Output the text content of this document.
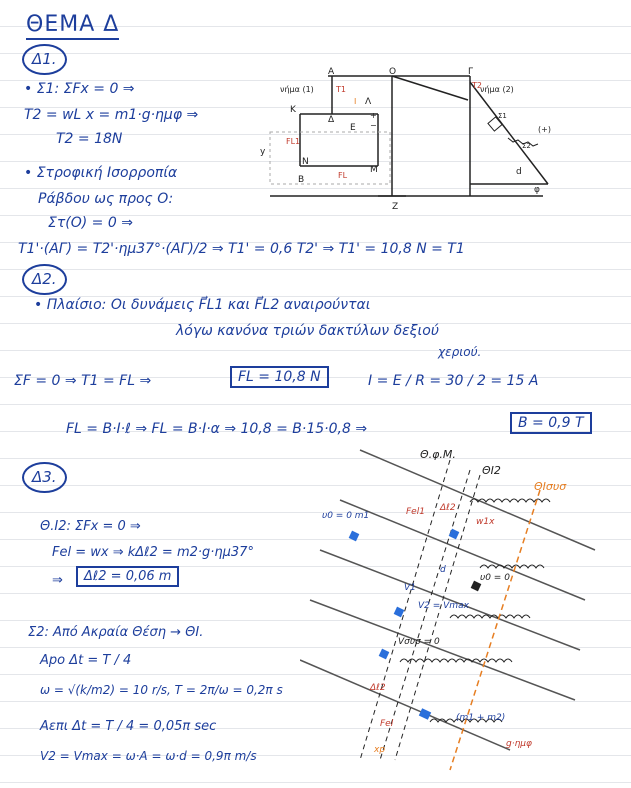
ΘΕΜΑ Δ
Δ1.
• Σ1: ΣFx = 0 ⇒
T2 = wL x = m1·g·ημφ ⇒
T2 = 18N
• Στροφική Ισορροπία
Ράβδου ως προς O:
Στ(O) = 0 ⇒
T1'·(ΑΓ) = T2'·ημ37°·(ΑΓ)/2 ⇒ T1' = 0,6 T2' ⇒ T1' = 10,8 N = T1
A	O	Γ
K
Λ
Δ
E
N
M
Z
y
B
φ
d
νήμα (1)	νήμα (2)
(+)
Σ1
Σ2
T1	T2
I
FL1
FL
+
−
Δ2.
• Πλαίσιο: Οι δυνάμεις F⃗L1 και F⃗L2 αναιρούνται
λόγω κανόνα τριών δακτύλων δεξιού
χεριού.
ΣF = 0 ⇒ T1 = FL ⇒	FL = 10,8 N	I = Ε / R = 30 / 2 = 15 A
FL = B·I·ℓ ⇒ FL = B·I·α ⇒ 10,8 = B·15·0,8 ⇒	B = 0,9 T
Δ3.
Θ.Ι2: ΣFx = 0 ⇒
Fel = wx ⇒ kΔℓ2 = m2·g·ημ37°
⇒	Δℓ2 = 0,06 m
Σ2: Από Ακραία Θέση → ΘΙ.
Αpo Δt = T / 4
ω = √(k/m2) = 10 r/s, T = 2π/ω = 0,2π s
Αεπι Δt = T / 4 = 0,05π sec
V2 = Vmax = ω·A = ω·d = 0,9π m/s
Θ.φ.Μ.
ΘΙ2
ΘΙσυσ
υ0 = 0 m1	Fel1 Δℓ2
w1x
d
υ0 = 0
V1
V2 = Vmax
Vσυσ = 0
Δℓ2
Fel
xp
(m1 + m2)
g·ημφ
